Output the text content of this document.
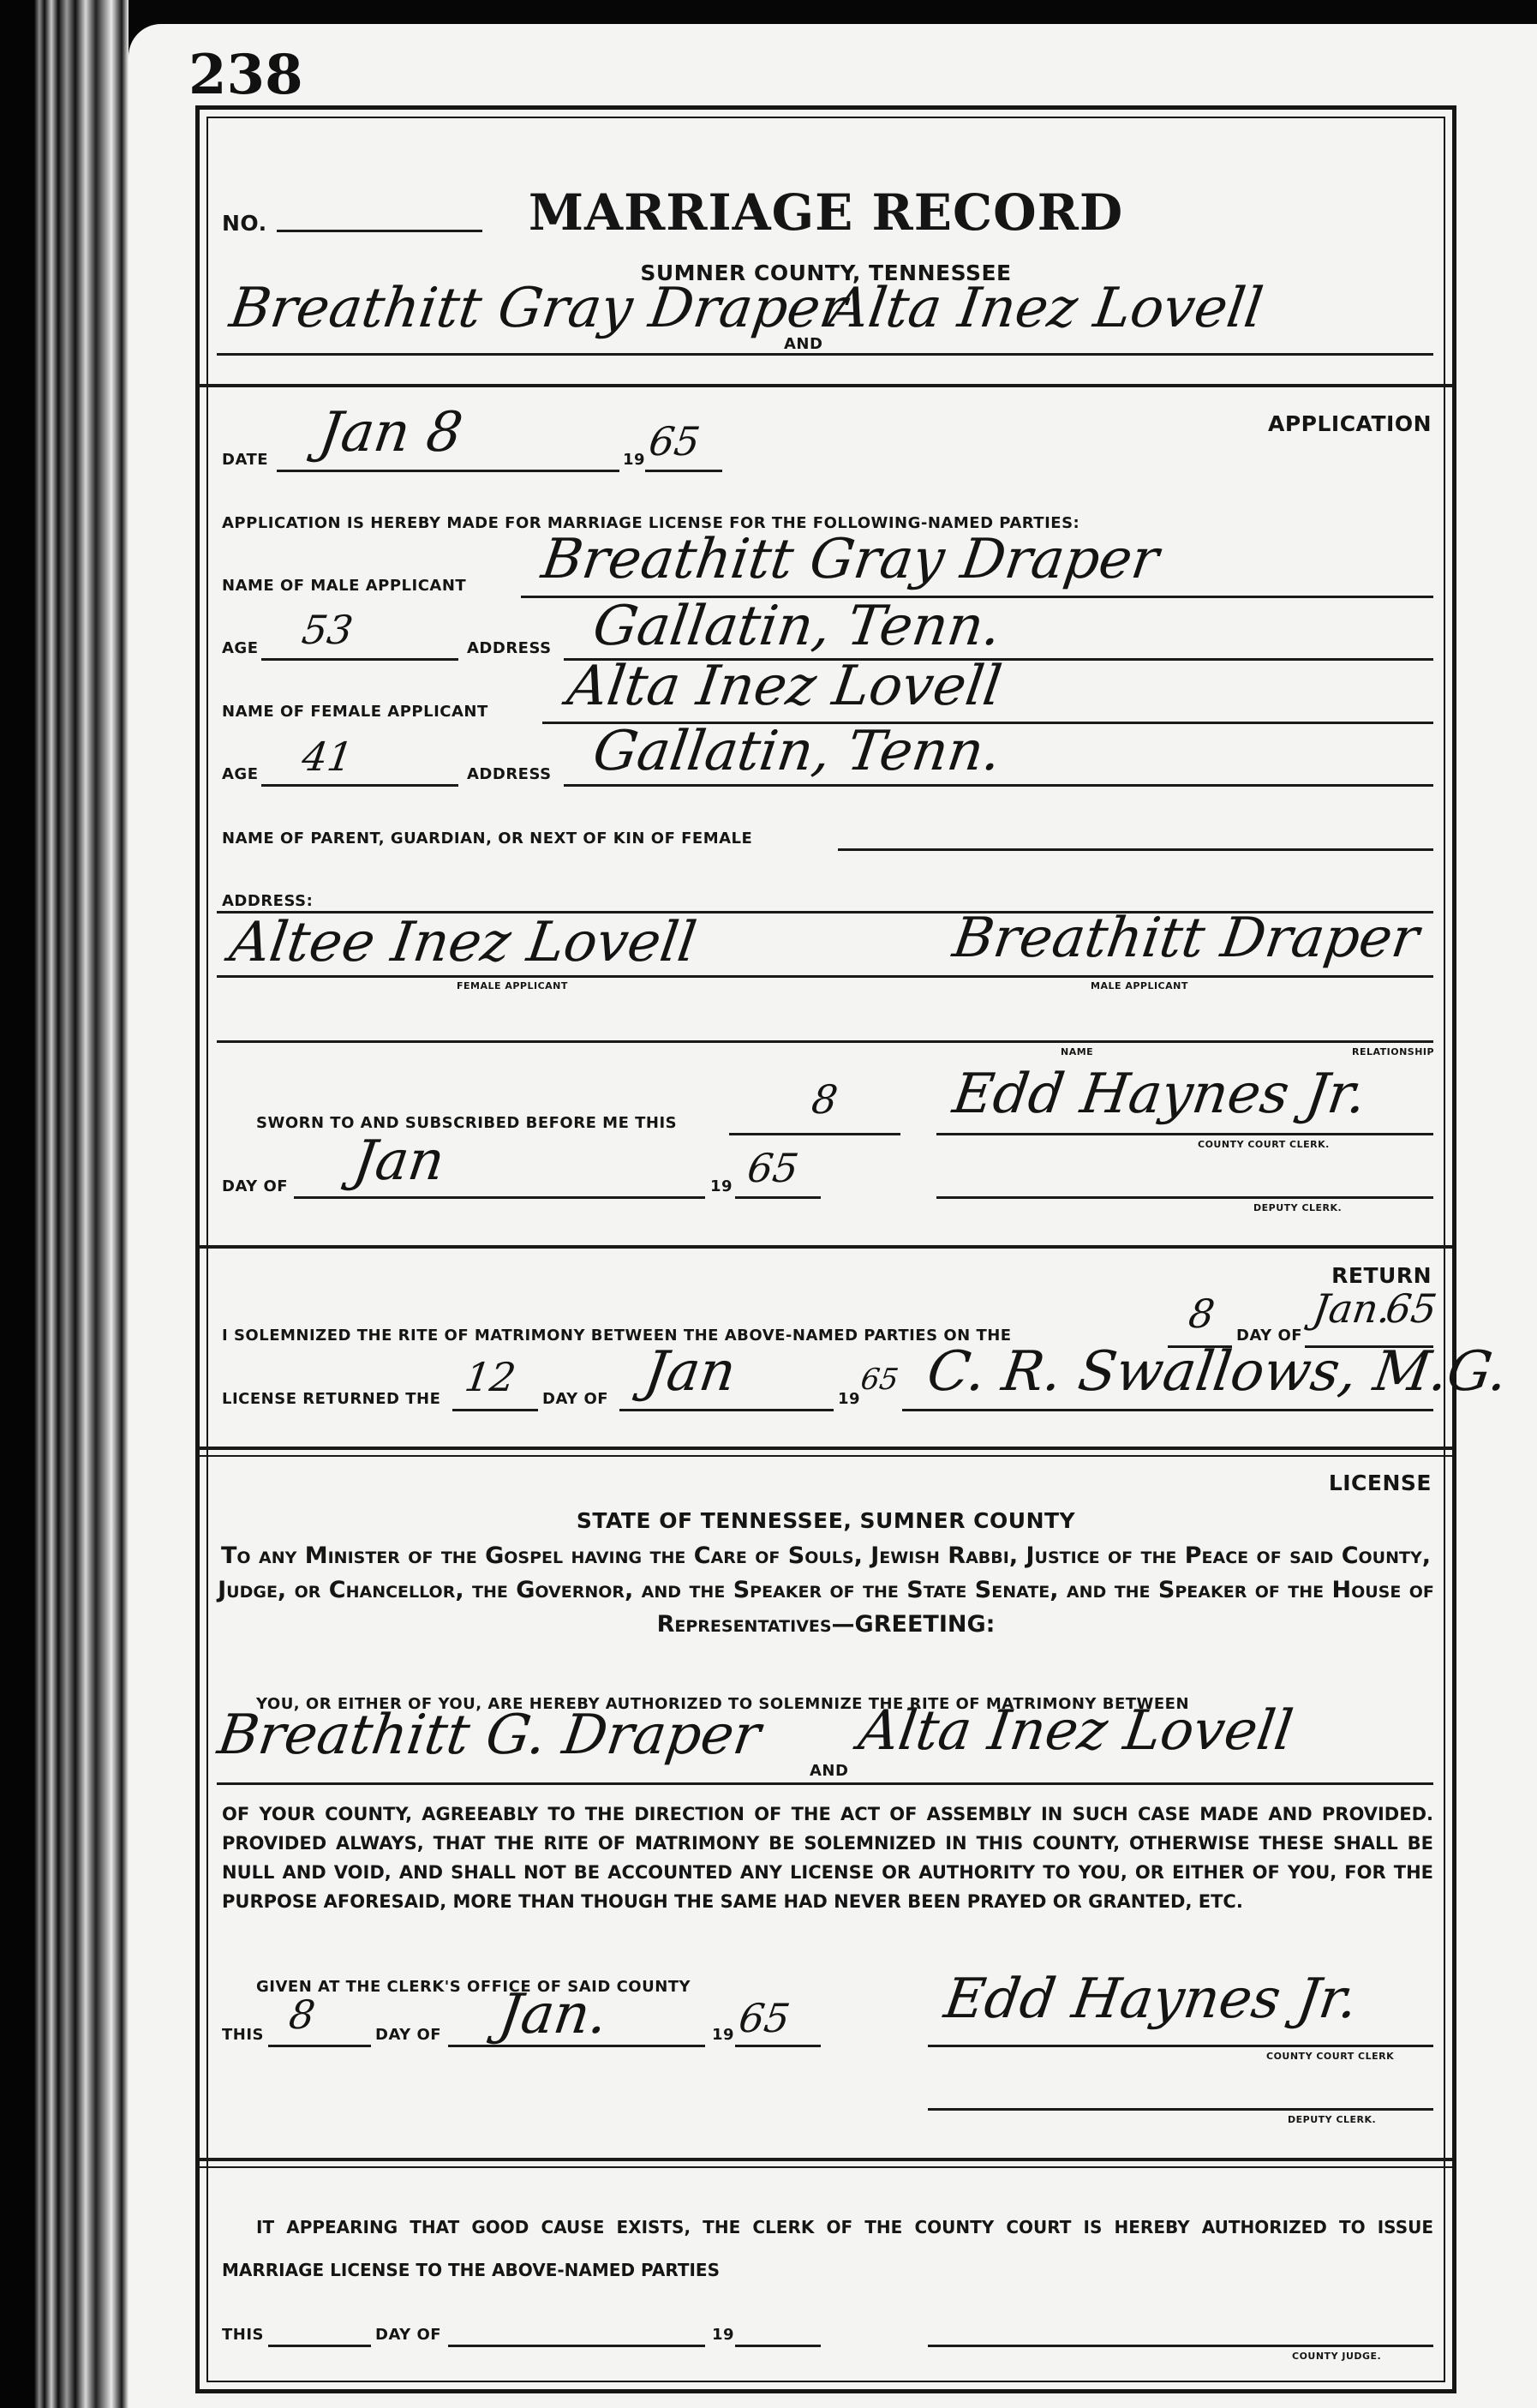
238
NO.	MARRIAGE RECORD
SUMNER COUNTY, TENNESSEE
Breathitt Gray Draper
AND
Alta Inez Lovell
APPLICATION
DATE Jan 8	19 65
APPLICATION IS HEREBY MADE FOR MARRIAGE LICENSE FOR THE FOLLOWING-NAMED PARTIES:
NAME OF MALE APPLICANT Breathitt Gray Draper
AGE 53	ADDRESS Gallatin, Tenn.
NAME OF FEMALE APPLICANT Alta Inez Lovell
AGE 41	ADDRESS Gallatin, Tenn.
NAME OF PARENT, GUARDIAN, OR NEXT OF KIN OF FEMALE
ADDRESS:
Altee Inez Lovell	Breathitt Draper
FEMALE APPLICANT	MALE APPLICANT
NAME	RELATIONSHIP
SWORN TO AND SUBSCRIBED BEFORE ME THIS
8 Edd Haynes Jr.
COUNTY COURT CLERK.
DAY OF Jan	19 65
DEPUTY CLERK.
RETURN
I SOLEMNIZED THE RITE OF MATRIMONY BETWEEN THE ABOVE-NAMED PARTIES ON THE	8 DAY OF
Jan.
65
LICENSE RETURNED THE 12 DAY OF Jan	19
65 C. R. Swallows, M.G.
LICENSE
STATE OF TENNESSEE, SUMNER COUNTY
To any Minister of the Gospel having the Care of Souls, Jewish Rabbi, Justice of the Peace of said County, Judge, or Chancellor, the Governor, and the Speaker of the State Senate, and the Speaker of the House of Representatives—GREETING:
YOU, OR EITHER OF YOU, ARE HEREBY AUTHORIZED TO SOLEMNIZE THE RITE OF MATRIMONY BETWEEN
Breathitt G. Draper
AND
Alta Inez Lovell
OF YOUR COUNTY, AGREEABLY TO THE DIRECTION OF THE ACT OF ASSEMBLY IN SUCH CASE MADE AND PROVIDED. PROVIDED ALWAYS, THAT THE RITE OF MATRIMONY BE SOLEMNIZED IN THIS COUNTY, OTHERWISE THESE SHALL BE NULL AND VOID, AND SHALL NOT BE ACCOUNTED ANY LICENSE OR AUTHORITY TO YOU, OR EITHER OF YOU, FOR THE PURPOSE AFORESAID, MORE THAN THOUGH THE SAME HAD NEVER BEEN PRAYED OR GRANTED, ETC.
GIVEN AT THE CLERK'S OFFICE OF SAID COUNTY
THIS 8	DAY OF Jan.	19 65	Edd Haynes Jr.
COUNTY COURT CLERK
DEPUTY CLERK.
IT APPEARING THAT GOOD CAUSE EXISTS, THE CLERK OF THE COUNTY COURT IS HEREBY AUTHORIZED TO ISSUE MARRIAGE LICENSE TO THE ABOVE-NAMED PARTIES
THIS	DAY OF	19
COUNTY JUDGE.
